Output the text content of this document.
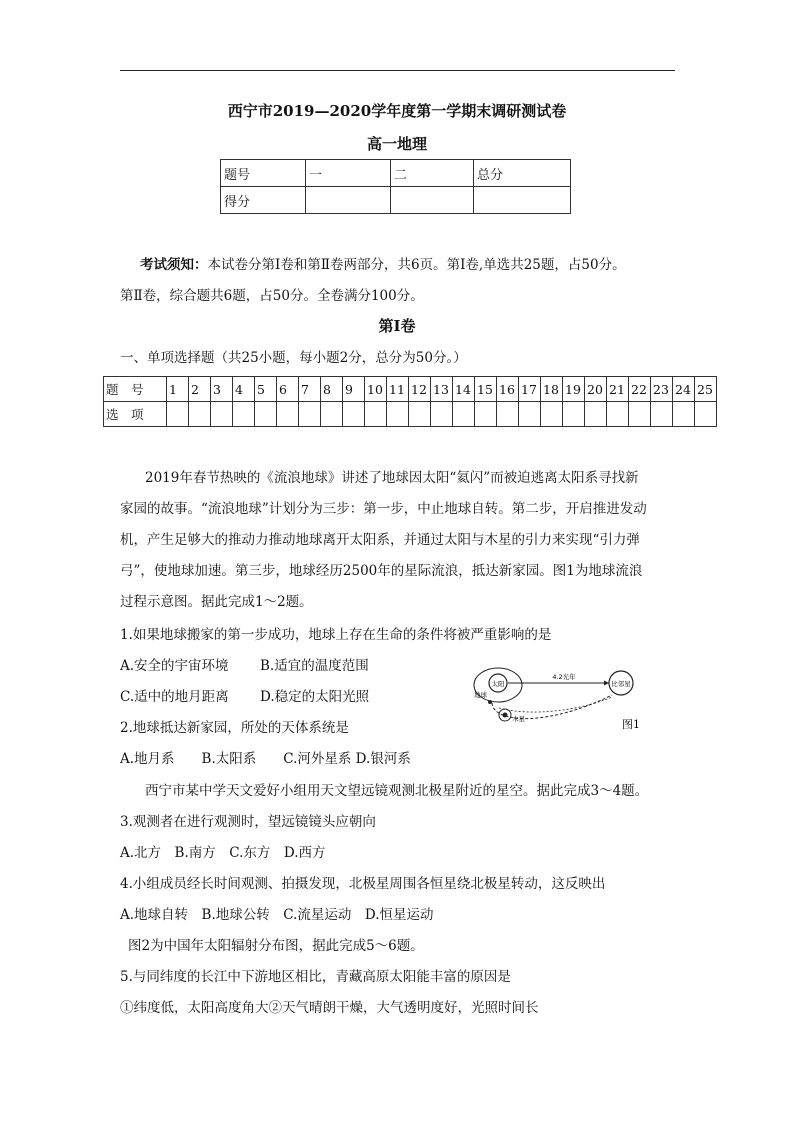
西宁市2019—2020学年度第一学期末调研测试卷
高一地理
题号	一	二	总分
得分			
考试须知：本试卷分第Ⅰ卷和第Ⅱ卷两部分，共6页。第Ⅰ卷,单选共25题，占50分。
第Ⅱ卷，综合题共6题，占50分。全卷满分100分。
第Ⅰ卷
一、单项选择题（共25小题，每小题2分，总分为50分。）
题　号	1	2	3	4	5	6	7	8	9	10	11	12	13	14	15	16	17	18	19	20	21	22	23	24	25
选　项																									
2019年春节热映的《流浪地球》讲述了地球因太阳“氦闪”而被迫逃离太阳系寻找新
家园的故事。“流浪地球”计划分为三步：第一步，中止地球自转。第二步，开启推进发动
机，产生足够大的推动力推动地球离开太阳系，并通过太阳与木星的引力来实现“引力弹
弓”，使地球加速。第三步，地球经历2500年的星际流浪，抵达新家园。图1为地球流浪
过程示意图。据此完成1～2题。
1.如果地球搬家的第一步成功，地球上存在生命的条件将被严重影响的是
A.安全的宇宙环境 B.适宜的温度范围
C.适中的地月距离 D.稳定的太阳光照
2.地球抵达新家园，所处的天体系统是
A.地月系　　B.太阳系　　C.河外星系 D.银河系
太阳	比邻星
4.2光年
地球
木星	图1
西宁市某中学天文爱好小组用天文望远镜观测北极星附近的星空。据此完成3～4题。
3.观测者在进行观测时，望远镜镜头应朝向
A.北方　B.南方　C.东方　D.西方
4.小组成员经长时间观测、拍摄发现，北极星周围各恒星绕北极星转动，这反映出
A.地球自转　B.地球公转　C.流星运动　D.恒星运动
图2为中国年太阳辐射分布图，据此完成5～6题。
5.与同纬度的长江中下游地区相比，青藏高原太阳能丰富的原因是
①纬度低，太阳高度角大②天气晴朗干燥，大气透明度好，光照时间长
